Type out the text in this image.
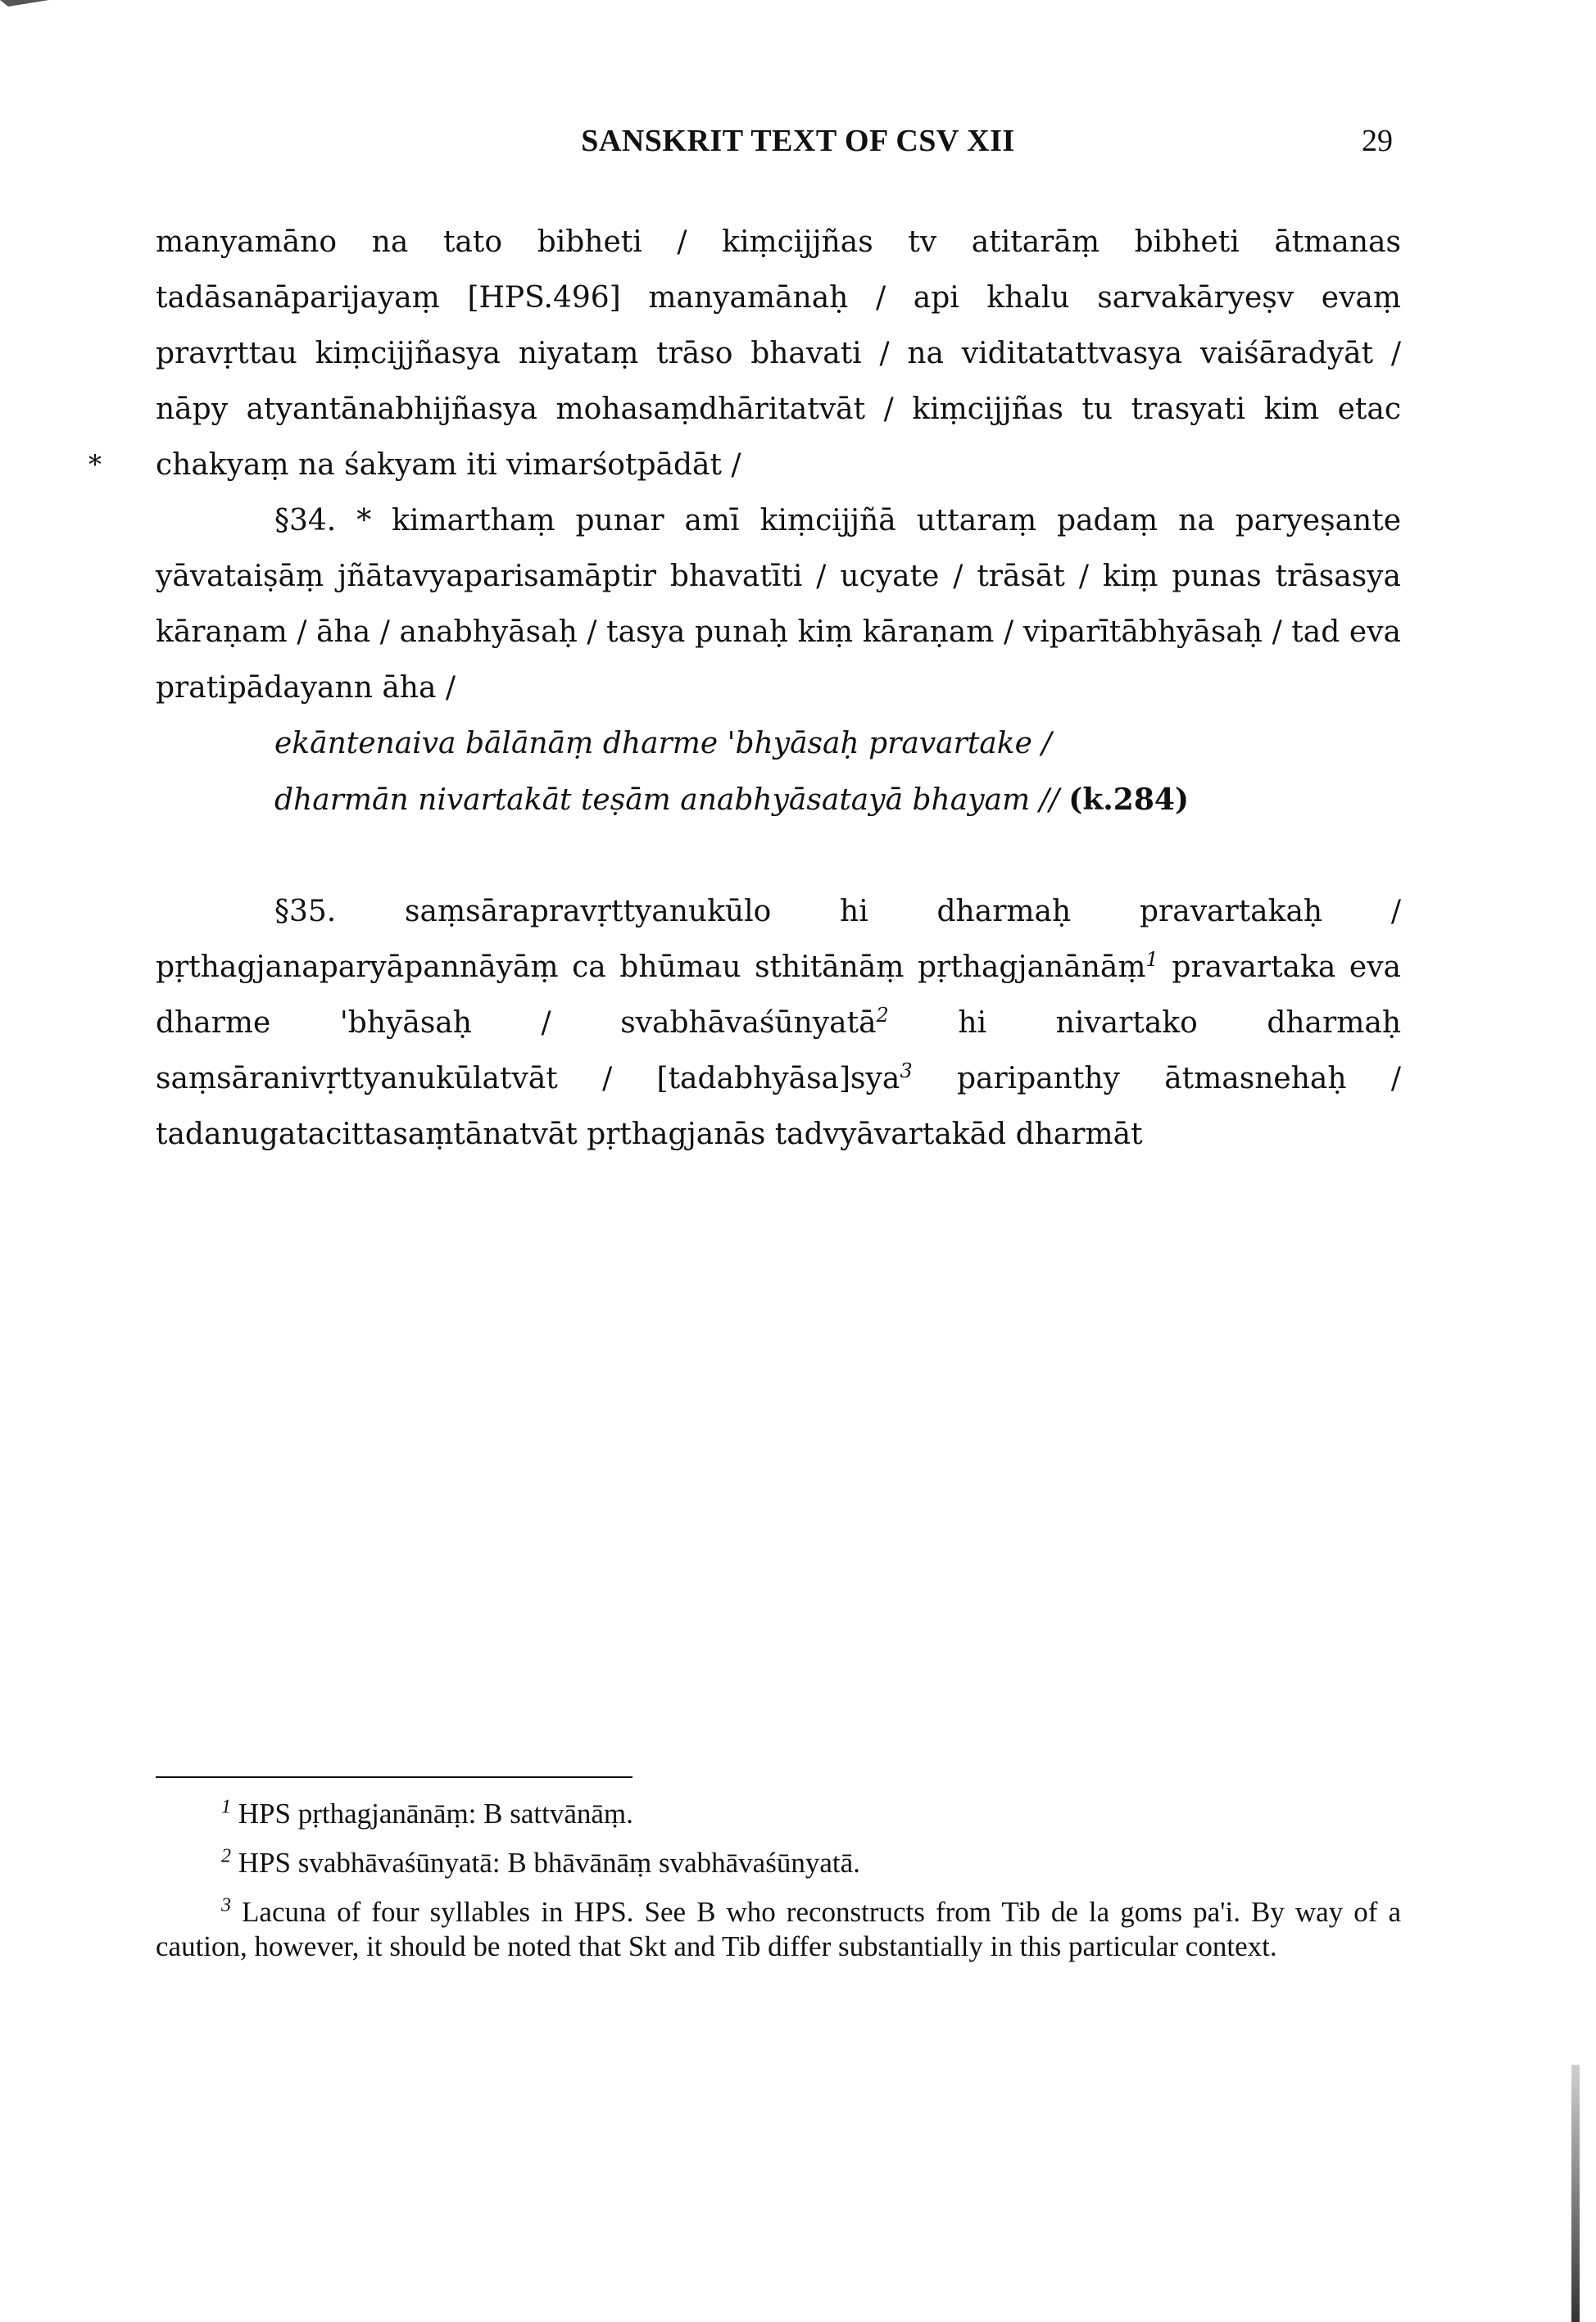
SANSKRIT TEXT OF CSV XII	29
*

manyamāno na tato bibheti / kiṃcijjñas tv atitarāṃ bibheti ātmanas tadāsanāparijayaṃ [HPS.496] manyamānaḥ / api khalu sarvakāryeṣv evaṃ pravṛttau kiṃcijjñasya niyataṃ trāso bhavati / na viditatattvasya vaiśāradyāt / nāpy atyantānabhijñasya mohasaṃdhāritatvāt / kiṃcijjñas tu trasyati kim etac chakyaṃ na śakyam iti vimarśotpādāt /

§34. * kimarthaṃ punar amī kiṃcijjñā uttaraṃ padaṃ na paryeṣante yāvataiṣāṃ jñātavyaparisamāptir bhavatīti / ucyate / trāsāt / kiṃ punas trāsasya kāraṇam / āha / anabhyāsaḥ / tasya punaḥ kiṃ kāraṇam / viparītābhyāsaḥ / tad eva pratipādayann āha /

ekāntenaiva bālānāṃ dharme 'bhyāsaḥ pravartake /

dharmān nivartakāt teṣām anabhyāsatayā bhayam // (k.284)

§35. saṃsārapravṛttyanukūlo hi dharmaḥ pravartakaḥ / pṛthagjanaparyāpannāyāṃ ca bhūmau sthitānāṃ pṛthagjanānāṃ$^1$ pravartaka eva dharme 'bhyāsaḥ / svabhāvaśūnyatā$^2$ hi nivartako dharmaḥ saṃsāranivṛttyanukūlatvāt / [tadabhyāsa]sya$^3$ paripanthy ātmasnehaḥ / tadanugatacittasaṃtānatvāt pṛthagjanās tadvyāvartakād dharmāt

$^1$ HPS pṛthagjanānāṃ: B sattvānāṃ.

$^2$ HPS svabhāvaśūnyatā: B bhāvānāṃ svabhāvaśūnyatā.

$^3$ Lacuna of four syllables in HPS. See B who reconstructs from Tib de la goms pa'i. By way of a caution, however, it should be noted that Skt and Tib differ substantially in this particular context.
